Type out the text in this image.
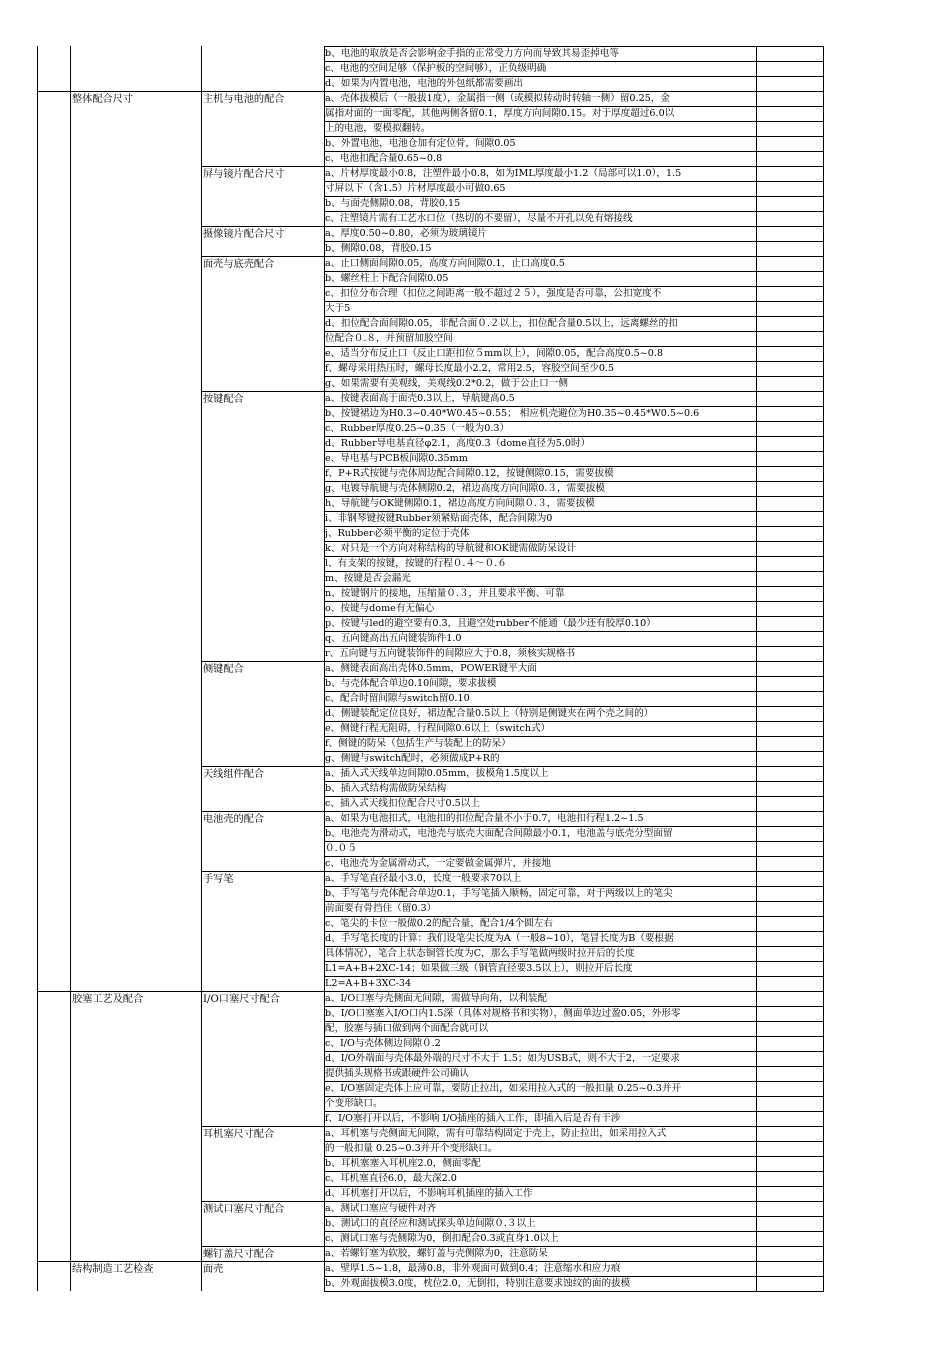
b、电池的取放是否会影响金手指的正常受力方向而导致其易歪掉电等
c、电池的空间足够（保护板的空间够），正负级明确
d、如果为内置电池，电池的外包纸都需要画出
整体配合尺寸	主机与电池的配合	a、壳体拔模后（一般拔1度），金属指一侧（或模拟转动时转轴一侧）留0.25，金
属指对面的一面零配，其他两侧各留0.1，厚度方向间隙0.15。对于厚度超过6.0以
上的电池，要模拟翻转。
b、外置电池，电池仓加有定位骨，间隙0.05
c、电池扣配合量0.65~0.8
屏与镜片配合尺寸	a、片材厚度最小0.8，注塑件最小0.8，如为IML厚度最小1.2（局部可以1.0），1.5
寸屏以下（含1.5）片材厚度最小可做0.65
b、与面壳侧隙0.08，背胶0.15
c、注塑镜片需有工艺水口位（热切的不要留），尽量不开孔以免有熔接线
摄像镜片配合尺寸	a、厚度0.50~0.80，必须为玻璃镜片
b、侧隙0.08，背胶0.15
面壳与底壳配合	a、止口侧面间隙0.05，高度方向间隙0.1，止口高度0.5
b、螺丝柱上下配合间隙0.05
c、扣位分布合理（扣位之间距离一般不超过２５），强度是否可靠，公扣宽度不
大于5
d、扣位配合面间隙0.05，非配合面０.２以上，扣位配合量0.5以上，远离螺丝的扣
位配合０.８，并预留加胶空间
e、适当分布反止口（反止口距扣位５mm以上），间隙0.05，配合高度0.5~0.8
f、螺母采用热压时，螺母长度最小2.2，常用2.5，容胶空间至少0.5
g、如果需要有美观线，美观线0.2*0.2，做于公止口一侧
按键配合	a、按键表面高于面壳0.3以上，导航键高0.5
b、按键裙边为H0.3~0.40*W0.45~0.55； 相应机壳避位为H0.35~0.45*W0.5~0.6
c、Rubber厚度0.25~0.35（一般为0.3）
d、Rubber导电基直径φ2.1，高度0.3（dome直径为5.0时）
e、导电基与PCB板间隙0.35mm
f、P+R式按键与壳体周边配合间隙0.12，按键侧隙0.15，需要拔模
g、电镀导航键与壳体侧隙0.2，裙边高度方向间隙0.３，需要拔模
h、导航键与OK键侧隙0.1，裙边高度方向间隙０.３，需要拔模
i、非钢琴键按键Rubber须紧贴面壳体，配合间隙为0
j、Rubber必须平衡的定位于壳体
k、对只是一个方向对称结构的导航键和OK键需做防呆设计
l、有支架的按键，按键的行程０.４～０.６
m、按键是否会漏光
n、按键钢片的接地，压缩量０.３，并且要求平衡、可靠
o、按键与dome有无偏心
p、按键与led的避空要有0.3，且避空处rubber不能通（最少还有胶厚0.10）
q、五向键高出五向键装饰件1.0
r、五向键与五向键装饰件的间隙应大于0.8，须核实规格书
侧键配合	a、侧键表面高出壳体0.5mm，POWER键平大面
b、与壳体配合单边0.10间隙，要求拔模
c、配合时留间隙与switch留0.10
d、侧键装配定位良好，裙边配合量0.5以上（特别是侧键夹在两个壳之间的）
e、侧键行程无阻碍，行程间隙0.6以上（switch式）
f、侧键的防呆（包括生产与装配上的防呆）
g、侧键与switch配时，必须做成P+R的
天线组件配合	a、插入式天线单边间隙0.05mm，拔模角1.5度以上
b、插入式结构需做防呆结构
c、插入式天线扣位配合尺寸0.5以上
电池壳的配合	a、如果为电池扣式，电池扣的扣位配合量不小于0.7，电池扣行程1.2~1.5
b、电池壳为滑动式，电池壳与底壳大面配合间隙最小0.1，电池盖与底壳分型面留
０.０５
c、电池壳为金属滑动式，一定要做金属弹片，并接地
手写笔	a、手写笔直径最小3.0，长度一般要求70以上
b、手写笔与壳体配合单边0.1，手写笔插入顺畅，固定可靠，对于两级以上的笔尖
前面要有骨挡住（留0.3）
c、笔尖的卡位一般做0.2的配合量，配合1/4个圆左右
d、手写笔长度的计算：我们设笔尖长度为A（一般8~10），笔冒长度为B（要根据
具体情况），笔合上状态铜管长度为C，那么手写笔做两级时拉开后的长度
L1=A+B+2XC-14；如果做三级（铜管直径要3.5以上），则拉开后长度
L2=A+B+3XC-34
胶塞工艺及配合	I/O口塞尺寸配合	a、I/O口塞与壳侧面无间隙，需做导向角，以利装配
b、I/O口塞塞入I/O口内1.5深（具体对规格书和实物），侧面单边过盈0.05，外形零
配，胶塞与插口做到两个面配合就可以
c、I/O与壳体侧边间隙０.2
d、I/O外端面与壳体最外端的尺寸不大于 1.5；如为USB式，则不大于2，一定要求
提供插头规格书或跟硬件公司确认
e、I/O塞固定壳体上应可靠，要防止拉出，如采用拉入式的一般扣量 0.25~0.3并开
个变形缺口。
f、I/O塞打开以后，不影响 I/O插座的插入工作，即插入后是否有干涉
耳机塞尺寸配合	a、耳机塞与壳侧面无间隙，需有可靠结构固定于壳上，防止拉出，如采用拉入式
的一般扣量 0.25~0.3并开个变形缺口。
b、耳机塞塞入耳机座2.0，侧面零配
c、耳机塞直径6.0，最大深2.0
d、耳机塞打开以后，不影响耳机插座的插入工作
测试口塞尺寸配合	a、测试口塞应与硬件对齐
b、测试口的直径应和测试探头单边间隙０.３以上
c、测试口塞与壳侧隙为0，倒扣配合0.3或直身1.0以上
螺钉盖尺寸配合	a、若螺钉塞为软胶，螺钉盖与壳侧隙为0，注意防呆
结构制造工艺检查	面壳	a、壁厚1.5~1.8，最薄0.8，非外观面可做到0.4；注意缩水和应力痕
b、外观面拔模3.0度，枕位2.0，无倒扣，特别注意要求蚀纹的面的拔模
